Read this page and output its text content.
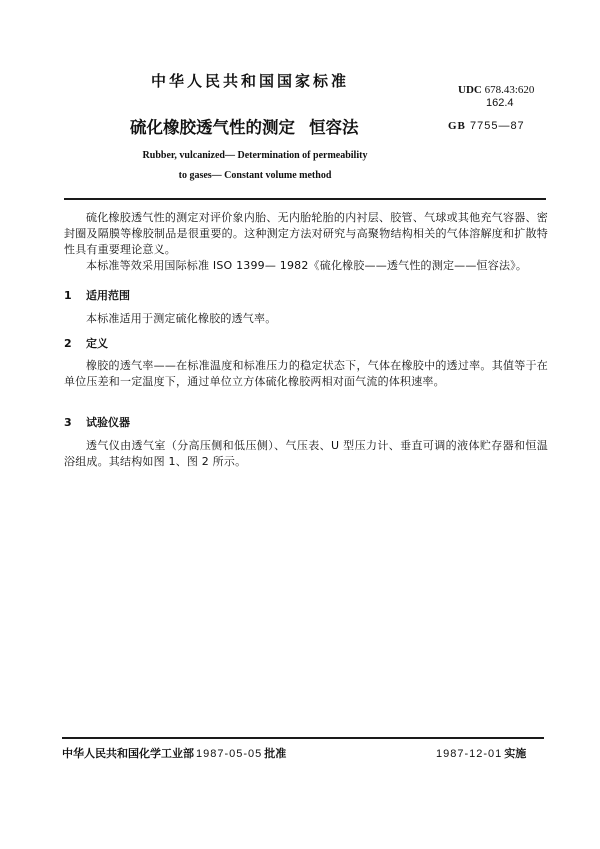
中华人民共和国国家标准	UDC 678.43:620
162.4
GB 7755—87
硫化橡胶透气性的测定 恒容法
Rubber, vulcanized— Determination of permeability
to gases— Constant volume method

硫化橡胶透气性的测定对评价象内胎、无内胎轮胎的内衬层、胶管、气球或其他充气容器、密封圈及隔膜等橡胶制品是很重要的。这种测定方法对研究与高聚物结构相关的气体溶解度和扩散特性具有重要理论意义。

本标准等效采用国际标准 ISO 1399— 1982《硫化橡胶——透气性的测定——恒容法》。

1 适用范围

本标准适用于测定硫化橡胶的透气率。

2 定义

橡胶的透气率——在标准温度和标准压力的稳定状态下，气体在橡胶中的透过率。其值等于在单位压差和一定温度下，通过单位立方体硫化橡胶两相对面气流的体积速率。

3 试验仪器

透气仪由透气室（分高压侧和低压侧）、气压表、U 型压力计、垂直可调的液体贮存器和恒温浴组成。其结构如图 1、图 2 所示。

中华人民共和国化学工业部 1987-05-05 批准	1987-12-01 实施
